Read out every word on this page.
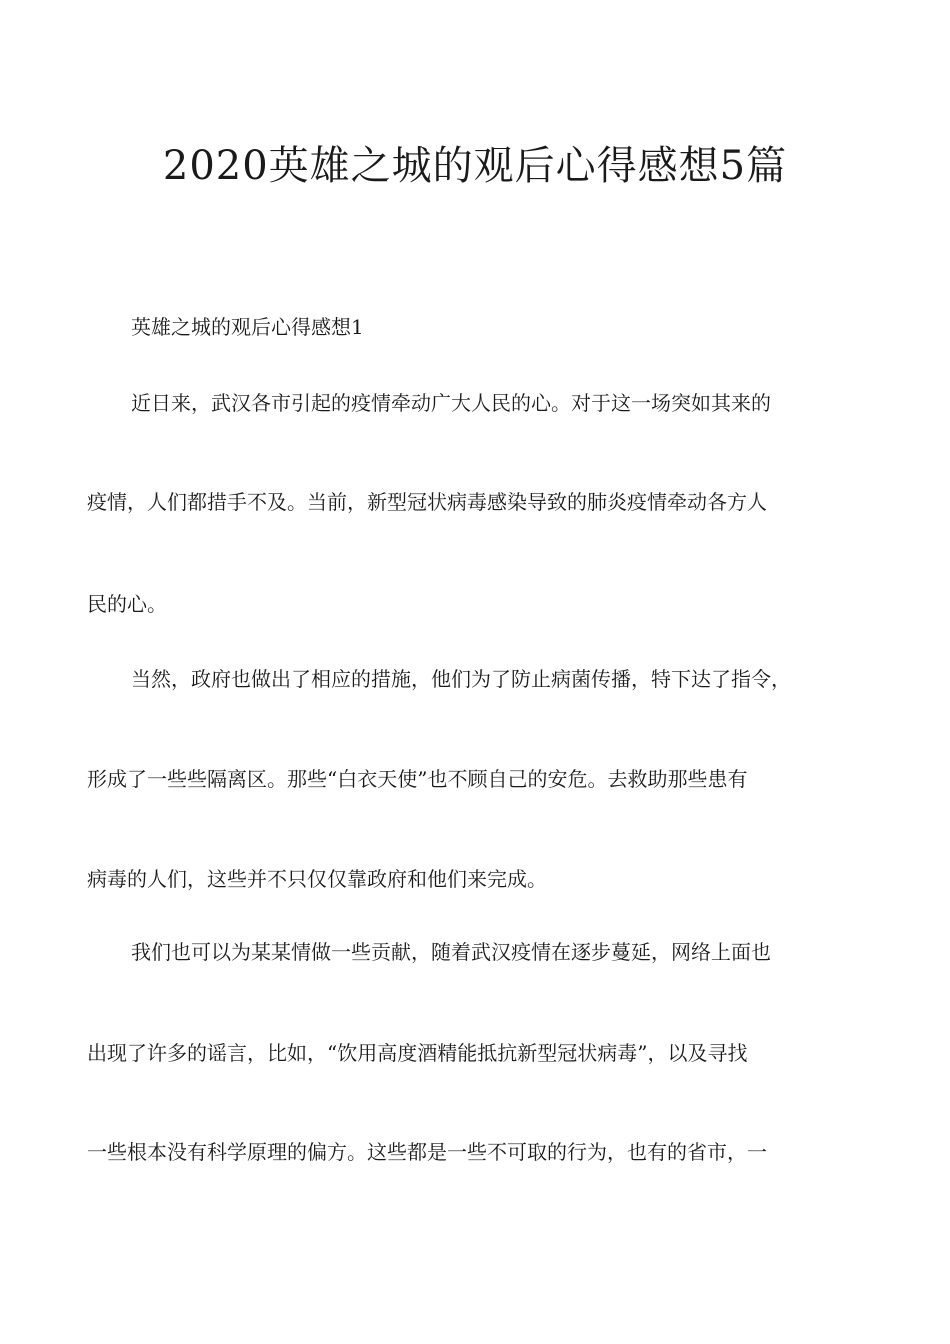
2020英雄之城的观后心得感想5篇

英雄之城的观后心得感想1

近日来，武汉各市引起的疫情牵动广大人民的心。对于这一场突如其来的

疫情，人们都措手不及。当前，新型冠状病毒感染导致的肺炎疫情牵动各方人

民的心。

当然，政府也做出了相应的措施，他们为了防止病菌传播，特下达了指令，

形成了一些些隔离区。那些“白衣天使”也不顾自己的安危。去救助那些患有

病毒的人们，这些并不只仅仅靠政府和他们来完成。

我们也可以为某某情做一些贡献，随着武汉疫情在逐步蔓延，网络上面也

出现了许多的谣言，比如，“饮用高度酒精能抵抗新型冠状病毒”，以及寻找

一些根本没有科学原理的偏方。这些都是一些不可取的行为，也有的省市，一
